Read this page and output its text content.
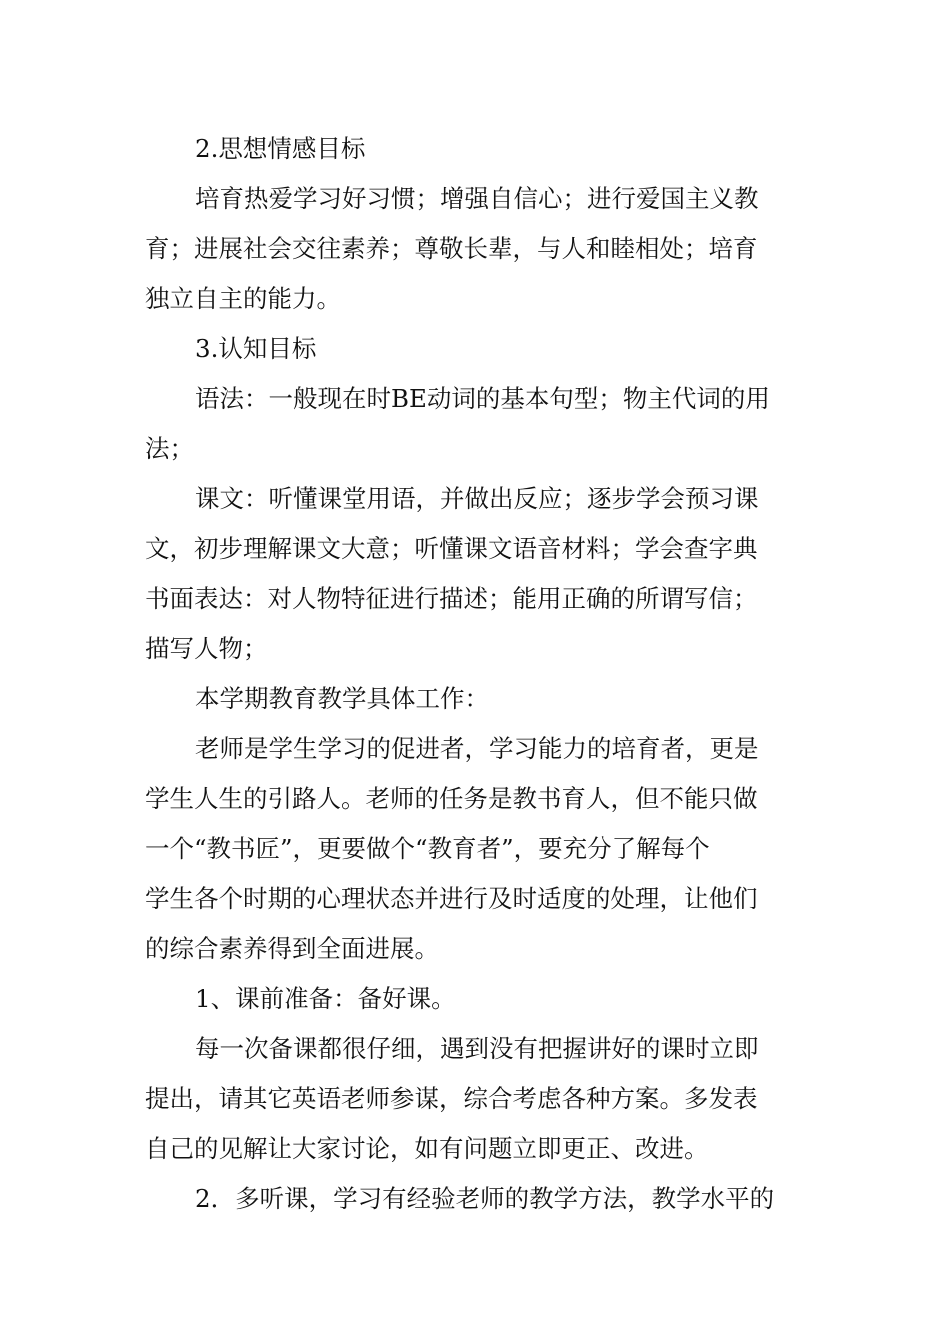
2.思想情感目标

培育热爱学习好习惯；增强自信心；进行爱国主义教

育；进展社会交往素养；尊敬长辈，与人和睦相处；培育

独立自主的能力。

3.认知目标

语法：一般现在时BE动词的基本句型；物主代词的用

法；

课文：听懂课堂用语，并做出反应；逐步学会预习课

文，初步理解课文大意；听懂课文语音材料；学会查字典

书面表达：对人物特征进行描述；能用正确的所谓写信；

描写人物；

本学期教育教学具体工作：

老师是学生学习的促进者，学习能力的培育者，更是

学生人生的引路人。老师的任务是教书育人，但不能只做

一个“教书匠”，更要做个“教育者”，要充分了解每个

学生各个时期的心理状态并进行及时适度的处理，让他们

的综合素养得到全面进展。

1、课前准备：备好课。

每一次备课都很仔细，遇到没有把握讲好的课时立即

提出，请其它英语老师参谋，综合考虑各种方案。多发表

自己的见解让大家讨论，如有问题立即更正、改进。

2．多听课，学习有经验老师的教学方法，教学水平的
